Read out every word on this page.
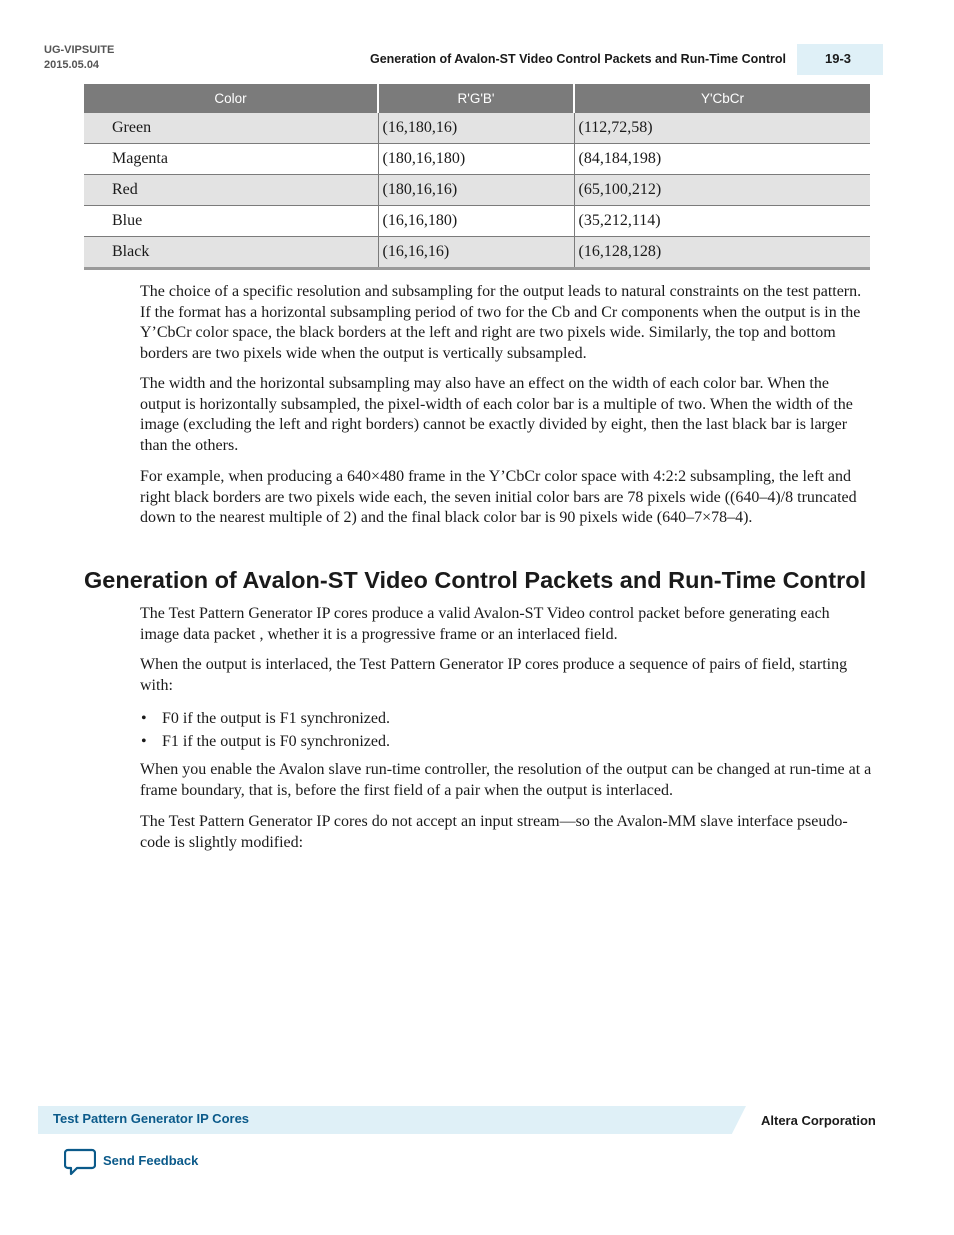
UG-VIPSUITE
2015.05.04	Generation of Avalon-ST Video Control Packets and Run-Time Control	19-3
Color	R'G'B'	Y'CbCr
Green	(16,180,16)	(112,72,58)
Magenta	(180,16,180)	(84,184,198)
Red	(180,16,16)	(65,100,212)
Blue	(16,16,180)	(35,212,114)
Black	(16,16,16)	(16,128,128)

The choice of a specific resolution and subsampling for the output leads to natural constraints on the test pattern. If the format has a horizontal subsampling period of two for the Cb and Cr components when the output is in the Y’CbCr color space, the black borders at the left and right are two pixels wide. Similarly, the top and bottom borders are two pixels wide when the output is vertically subsampled.

The width and the horizontal subsampling may also have an effect on the width of each color bar. When the output is horizontally subsampled, the pixel-width of each color bar is a multiple of two. When the width of the image (excluding the left and right borders) cannot be exactly divided by eight, then the last black bar is larger than the others.

For example, when producing a 640×480 frame in the Y’CbCr color space with 4:2:2 subsampling, the left and right black borders are two pixels wide each, the seven initial color bars are 78 pixels wide ((640–4)/8 truncated down to the nearest multiple of 2) and the final black color bar is 90 pixels wide (640–7×78–4).

Generation of Avalon-ST Video Control Packets and Run-Time Control

The Test Pattern Generator IP cores produce a valid Avalon-ST Video control packet before generating each image data packet , whether it is a progressive frame or an interlaced field.

When the output is interlaced, the Test Pattern Generator IP cores produce a sequence of pairs of field, starting with:

• F0 if the output is F1 synchronized.
• F1 if the output is F0 synchronized.

When you enable the Avalon slave run-time controller, the resolution of the output can be changed at run-time at a frame boundary, that is, before the first field of a pair when the output is interlaced.

The Test Pattern Generator IP cores do not accept an input stream—so the Avalon-MM slave interface pseudo-code is slightly modified:

Test Pattern Generator IP Cores	Altera Corporation
Send Feedback
